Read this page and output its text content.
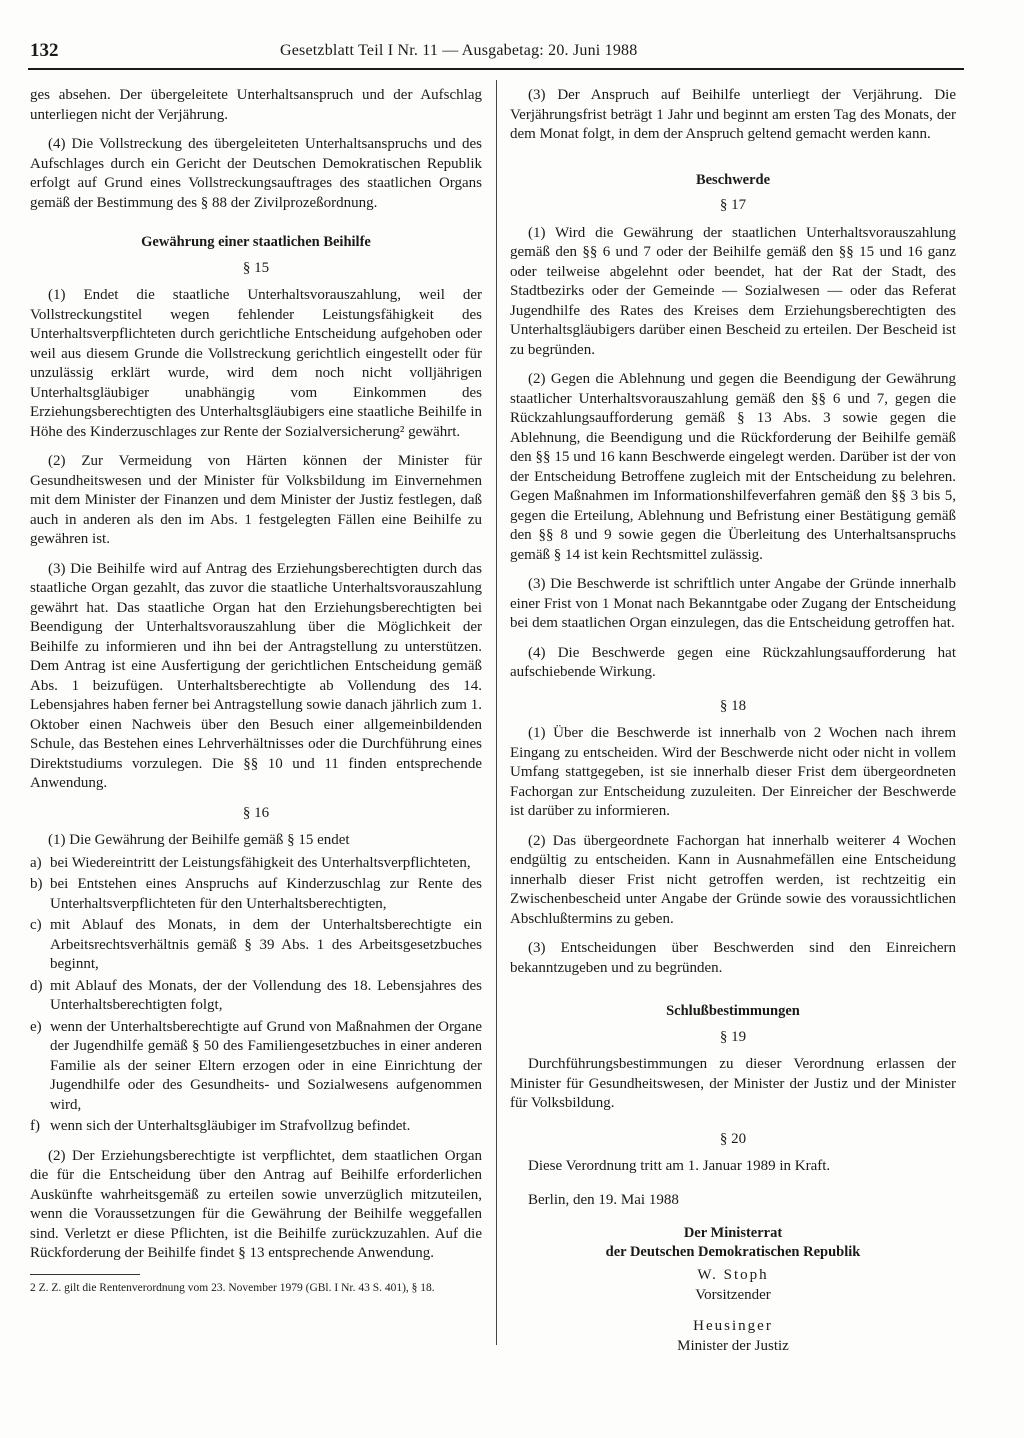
132	Gesetzblatt Teil I Nr. 11 — Ausgabetag: 20. Juni 1988

ges absehen. Der übergeleitete Unterhaltsanspruch und der Aufschlag unterliegen nicht der Verjährung.

(4) Die Vollstreckung des übergeleiteten Unterhaltsanspruchs und des Aufschlages durch ein Gericht der Deutschen Demokratischen Republik erfolgt auf Grund eines Vollstreckungsauftrages des staatlichen Organs gemäß der Bestimmung des § 88 der Zivilprozeßordnung.

Gewährung einer staatlichen Beihilfe
§ 15

(1) Endet die staatliche Unterhaltsvorauszahlung, weil der Vollstreckungstitel wegen fehlender Leistungsfähigkeit des Unterhaltsverpflichteten durch gerichtliche Entscheidung aufgehoben oder weil aus diesem Grunde die Vollstreckung gerichtlich eingestellt oder für unzulässig erklärt wurde, wird dem noch nicht volljährigen Unterhaltsgläubiger unabhängig vom Einkommen des Erziehungsberechtigten des Unterhaltsgläubigers eine staatliche Beihilfe in Höhe des Kinderzuschlages zur Rente der Sozialversicherung² gewährt.

(2) Zur Vermeidung von Härten können der Minister für Gesundheitswesen und der Minister für Volksbildung im Einvernehmen mit dem Minister der Finanzen und dem Minister der Justiz festlegen, daß auch in anderen als den im Abs. 1 festgelegten Fällen eine Beihilfe zu gewähren ist.

(3) Die Beihilfe wird auf Antrag des Erziehungsberechtigten durch das staatliche Organ gezahlt, das zuvor die staatliche Unterhaltsvorauszahlung gewährt hat. Das staatliche Organ hat den Erziehungsberechtigten bei Beendigung der Unterhaltsvorauszahlung über die Möglichkeit der Beihilfe zu informieren und ihn bei der Antragstellung zu unterstützen. Dem Antrag ist eine Ausfertigung der gerichtlichen Entscheidung gemäß Abs. 1 beizufügen. Unterhaltsberechtigte ab Vollendung des 14. Lebensjahres haben ferner bei Antragstellung sowie danach jährlich zum 1. Oktober einen Nachweis über den Besuch einer allgemeinbildenden Schule, das Bestehen eines Lehrverhältnisses oder die Durchführung eines Direktstudiums vorzulegen. Die §§ 10 und 11 finden entsprechende Anwendung.

§ 16

(1) Die Gewährung der Beihilfe gemäß § 15 endet

a) bei Wiedereintritt der Leistungsfähigkeit des Unterhaltsverpflichteten,
b) bei Entstehen eines Anspruchs auf Kinderzuschlag zur Rente des Unterhaltsverpflichteten für den Unterhaltsberechtigten,
c) mit Ablauf des Monats, in dem der Unterhaltsberechtigte ein Arbeitsrechtsverhältnis gemäß § 39 Abs. 1 des Arbeitsgesetzbuches beginnt,
d) mit Ablauf des Monats, der der Vollendung des 18. Lebensjahres des Unterhaltsberechtigten folgt,
e) wenn der Unterhaltsberechtigte auf Grund von Maßnahmen der Organe der Jugendhilfe gemäß § 50 des Familiengesetzbuches in einer anderen Familie als der seiner Eltern erzogen oder in eine Einrichtung der Jugendhilfe oder des Gesundheits- und Sozialwesens aufgenommen wird,
f) wenn sich der Unterhaltsgläubiger im Strafvollzug befindet.

(2) Der Erziehungsberechtigte ist verpflichtet, dem staatlichen Organ die für die Entscheidung über den Antrag auf Beihilfe erforderlichen Auskünfte wahrheitsgemäß zu erteilen sowie unverzüglich mitzuteilen, wenn die Voraussetzungen für die Gewährung der Beihilfe weggefallen sind. Verletzt er diese Pflichten, ist die Beihilfe zurückzuzahlen. Auf die Rückforderung der Beihilfe findet § 13 entsprechende Anwendung.

2 Z. Z. gilt die Rentenverordnung vom 23. November 1979 (GBl. I Nr. 43 S. 401), § 18.

(3) Der Anspruch auf Beihilfe unterliegt der Verjährung. Die Verjährungsfrist beträgt 1 Jahr und beginnt am ersten Tag des Monats, der dem Monat folgt, in dem der Anspruch geltend gemacht werden kann.

Beschwerde
§ 17

(1) Wird die Gewährung der staatlichen Unterhaltsvorauszahlung gemäß den §§ 6 und 7 oder der Beihilfe gemäß den §§ 15 und 16 ganz oder teilweise abgelehnt oder beendet, hat der Rat der Stadt, des Stadtbezirks oder der Gemeinde — Sozialwesen — oder das Referat Jugendhilfe des Rates des Kreises dem Erziehungsberechtigten des Unterhaltsgläubigers darüber einen Bescheid zu erteilen. Der Bescheid ist zu begründen.

(2) Gegen die Ablehnung und gegen die Beendigung der Gewährung staatlicher Unterhaltsvorauszahlung gemäß den §§ 6 und 7, gegen die Rückzahlungsaufforderung gemäß § 13 Abs. 3 sowie gegen die Ablehnung, die Beendigung und die Rückforderung der Beihilfe gemäß den §§ 15 und 16 kann Beschwerde eingelegt werden. Darüber ist der von der Entscheidung Betroffene zugleich mit der Entscheidung zu belehren. Gegen Maßnahmen im Informationshilfeverfahren gemäß den §§ 3 bis 5, gegen die Erteilung, Ablehnung und Befristung einer Bestätigung gemäß den §§ 8 und 9 sowie gegen die Überleitung des Unterhaltsanspruchs gemäß § 14 ist kein Rechtsmittel zulässig.

(3) Die Beschwerde ist schriftlich unter Angabe der Gründe innerhalb einer Frist von 1 Monat nach Bekanntgabe oder Zugang der Entscheidung bei dem staatlichen Organ einzulegen, das die Entscheidung getroffen hat.

(4) Die Beschwerde gegen eine Rückzahlungsaufforderung hat aufschiebende Wirkung.

§ 18

(1) Über die Beschwerde ist innerhalb von 2 Wochen nach ihrem Eingang zu entscheiden. Wird der Beschwerde nicht oder nicht in vollem Umfang stattgegeben, ist sie innerhalb dieser Frist dem übergeordneten Fachorgan zur Entscheidung zuzuleiten. Der Einreicher der Beschwerde ist darüber zu informieren.

(2) Das übergeordnete Fachorgan hat innerhalb weiterer 4 Wochen endgültig zu entscheiden. Kann in Ausnahmefällen eine Entscheidung innerhalb dieser Frist nicht getroffen werden, ist rechtzeitig ein Zwischenbescheid unter Angabe der Gründe sowie des voraussichtlichen Abschlußtermins zu geben.

(3) Entscheidungen über Beschwerden sind den Einreichern bekanntzugeben und zu begründen.

Schlußbestimmungen
§ 19

Durchführungsbestimmungen zu dieser Verordnung erlassen der Minister für Gesundheitswesen, der Minister der Justiz und der Minister für Volksbildung.

§ 20

Diese Verordnung tritt am 1. Januar 1989 in Kraft.

Berlin, den 19. Mai 1988

Der Ministerrat
der Deutschen Demokratischen Republik
W. Stoph
Vorsitzender
Heusinger
Minister der Justiz
